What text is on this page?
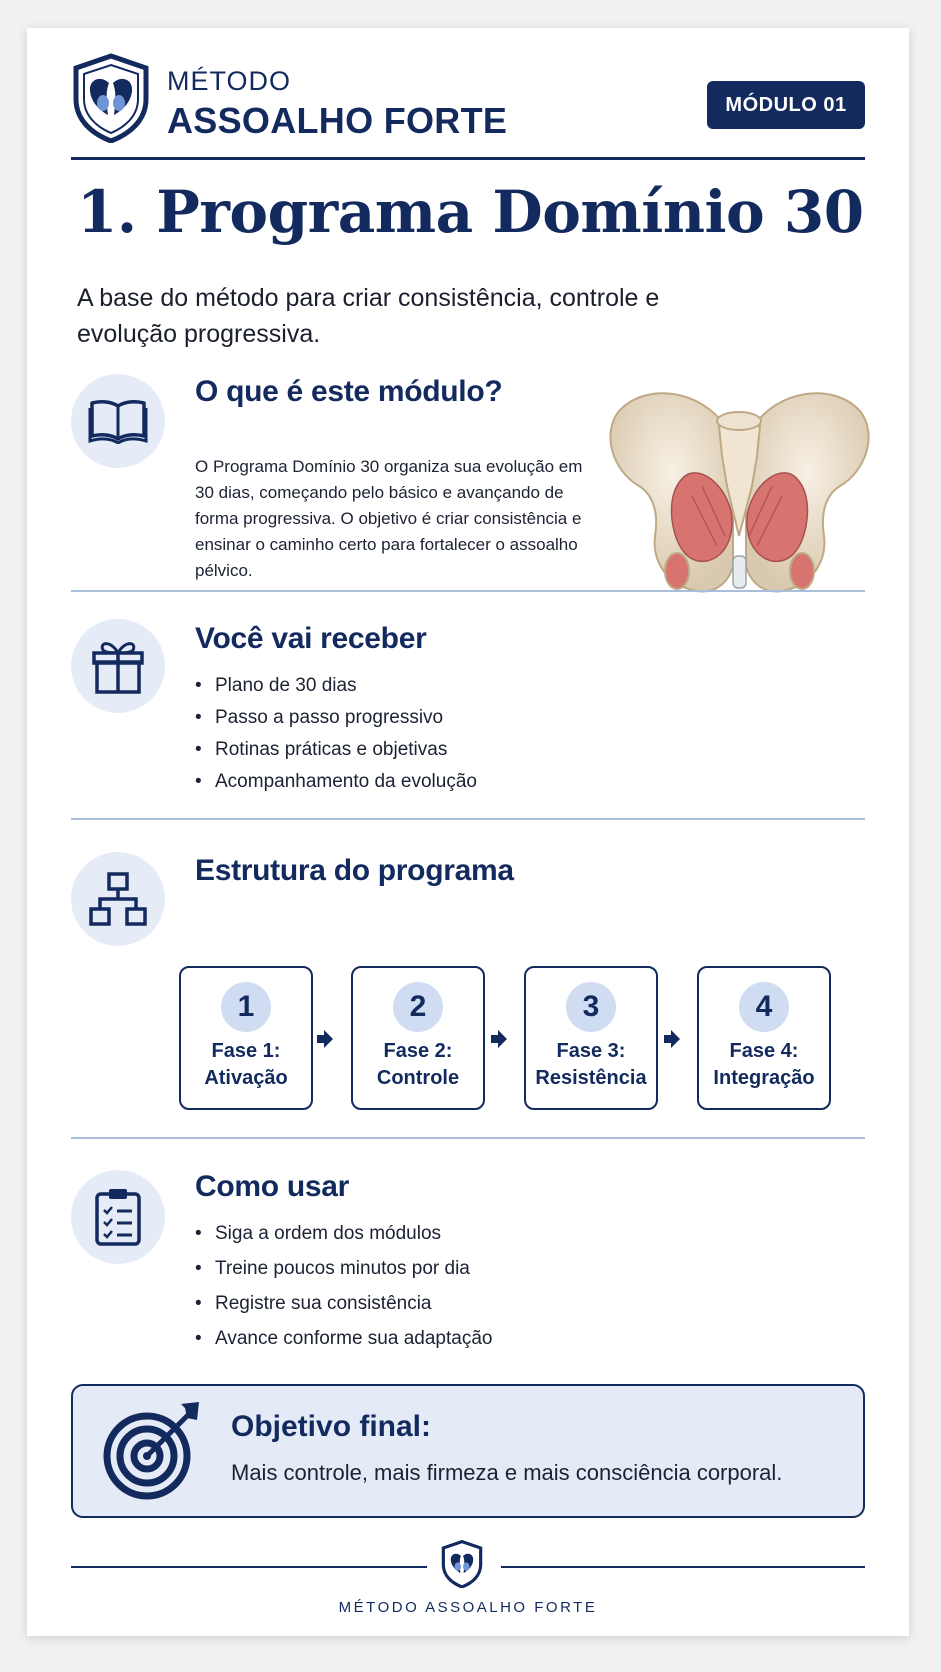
MÉTODO
ASSOALHO FORTE	MÓDULO 01
1. Programa Domínio 30
A base do método para criar consistência, controle e evolução progressiva.
O que é este módulo?
O Programa Domínio 30 organiza sua evolução em 30 dias, começando pelo básico e avançando de forma progressiva. O objetivo é criar consistência e ensinar o caminho certo para fortalecer o assoalho pélvico.
Você vai receber
• Plano de 30 dias
• Passo a passo progressivo
• Rotinas práticas e objetivas
• Acompanhamento da evolução
Estrutura do programa
1
Fase 1:
Ativação
2
Fase 2:
Controle
3
Fase 3:
Resistência
4
Fase 4:
Integração
Como usar
• Siga a ordem dos módulos
• Treine poucos minutos por dia
• Registre sua consistência
• Avance conforme sua adaptação
Objetivo final:
Mais controle, mais firmeza e mais consciência corporal.
MÉTODO ASSOALHO FORTE
